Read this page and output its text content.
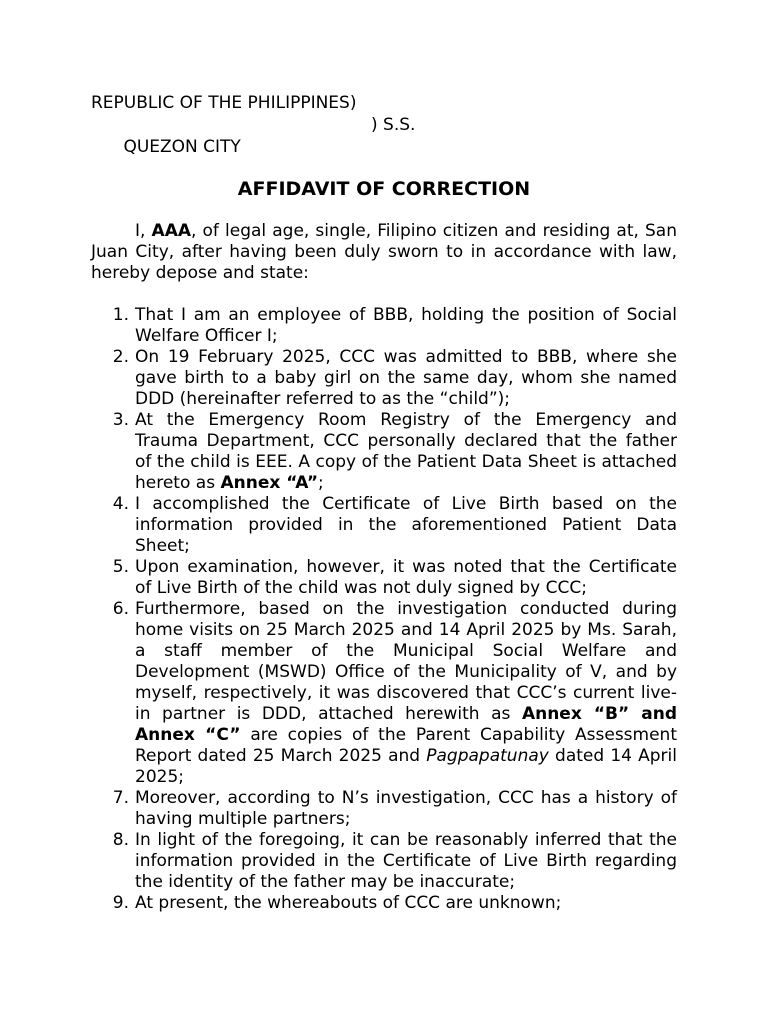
REPUBLIC OF THE PHILIPPINES)

QUEZON CITY

) S.S.

AFFIDAVIT OF CORRECTION

I, AAA, of legal age, single, Filipino citizen and residing at, San Juan City, after having been duly sworn to in accordance with law, hereby depose and state:

1. That I am an employee of BBB, holding the position of Social Welfare Officer I;
2. On 19 February 2025, CCC was admitted to BBB, where she gave birth to a baby girl on the same day, whom she named DDD (hereinafter referred to as the “child”);
3. At the Emergency Room Registry of the Emergency and Trauma Department, CCC personally declared that the father of the child is EEE. A copy of the Patient Data Sheet is attached hereto as Annex “A”;
4. I accomplished the Certificate of Live Birth based on the information provided in the aforementioned Patient Data Sheet;
5. Upon examination, however, it was noted that the Certificate of Live Birth of the child was not duly signed by CCC;
6. Furthermore, based on the investigation conducted during home visits on 25 March 2025 and 14 April 2025 by Ms. Sarah, a staff member of the Municipal Social Welfare and Development (MSWD) Office of the Municipality of V, and by myself, respectively, it was discovered that CCC’s current live-in partner is DDD, attached herewith as Annex “B” and Annex “C” are copies of the Parent Capability Assessment Report dated 25 March 2025 and Pagpapatunay dated 14 April 2025;
7. Moreover, according to N’s investigation, CCC has a history of having multiple partners;
8. In light of the foregoing, it can be reasonably inferred that the information provided in the Certificate of Live Birth regarding the identity of the father may be inaccurate;
9. At present, the whereabouts of CCC are unknown;
